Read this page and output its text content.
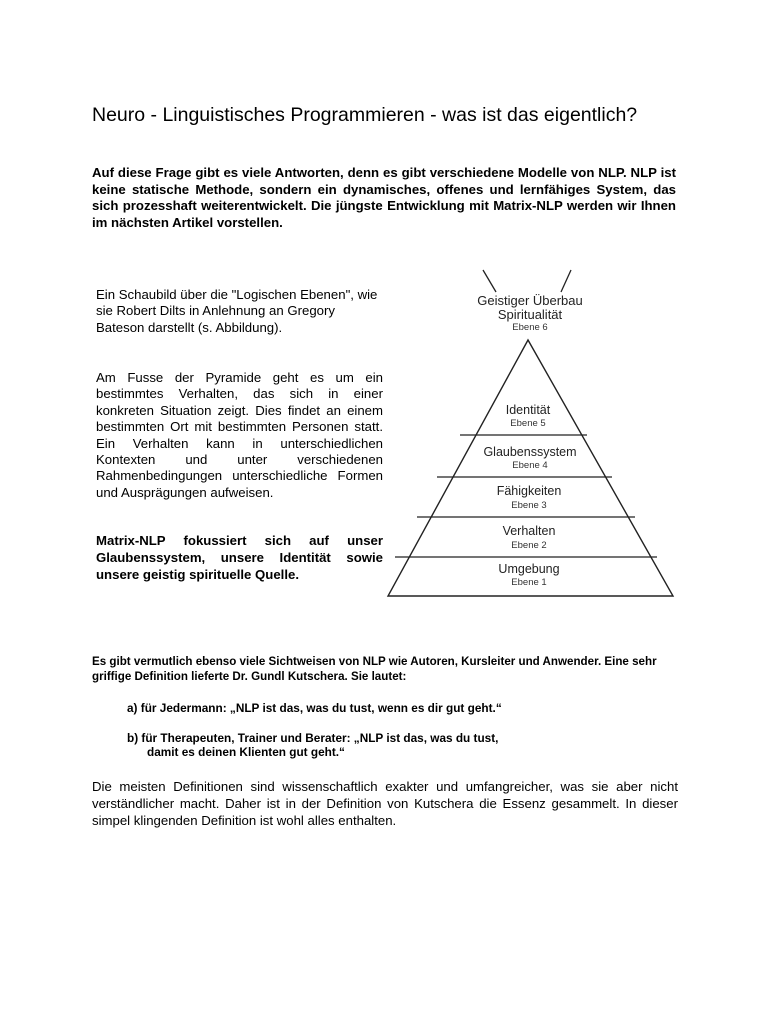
Neuro - Linguistisches Programmieren - was ist das eigentlich?
Auf diese Frage gibt es viele Antworten, denn es gibt verschiedene Modelle von NLP. NLP ist keine statische Methode, sondern ein dynamisches, offenes und lernfähiges System, das sich prozesshaft weiterentwickelt. Die jüngste Entwicklung mit Matrix-NLP werden wir Ihnen im nächsten Artikel vorstellen.
Ein Schaubild über die "Logischen Ebenen", wie sie Robert Dilts in Anlehnung an Gregory Bateson darstellt (s. Abbildung).
Am Fusse der Pyramide geht es um ein bestimmtes Verhalten, das sich in einer konkreten Situation zeigt. Dies findet an einem bestimmten Ort mit bestimmten Personen statt. Ein Verhalten kann in unterschiedlichen Kontexten und unter verschiedenen Rahmenbedingungen unterschiedliche Formen und Ausprägungen aufweisen.
Matrix-NLP fokussiert sich auf unser Glaubenssystem, unsere Identität sowie unsere geistig spirituelle Quelle.
Geistiger Überbau
Spiritualität
Ebene 6
Identität
Ebene 5
Glaubenssystem
Ebene 4
Fähigkeiten
Ebene 3
Verhalten
Ebene 2
Umgebung
Ebene 1
Es gibt vermutlich ebenso viele Sichtweisen von NLP wie Autoren, Kursleiter und Anwender. Eine sehr griffige Definition lieferte Dr. Gundl Kutschera. Sie lautet:
a) für Jedermann: „NLP ist das, was du tust, wenn es dir gut geht.“
b) für Therapeuten, Trainer und Berater: „NLP ist das, was du tust,
damit es deinen Klienten gut geht.“
Die meisten Definitionen sind wissenschaftlich exakter und umfangreicher, was sie aber nicht verständlicher macht. Daher ist in der Definition von Kutschera die Essenz gesammelt. In dieser simpel klingenden Definition ist wohl alles enthalten.
